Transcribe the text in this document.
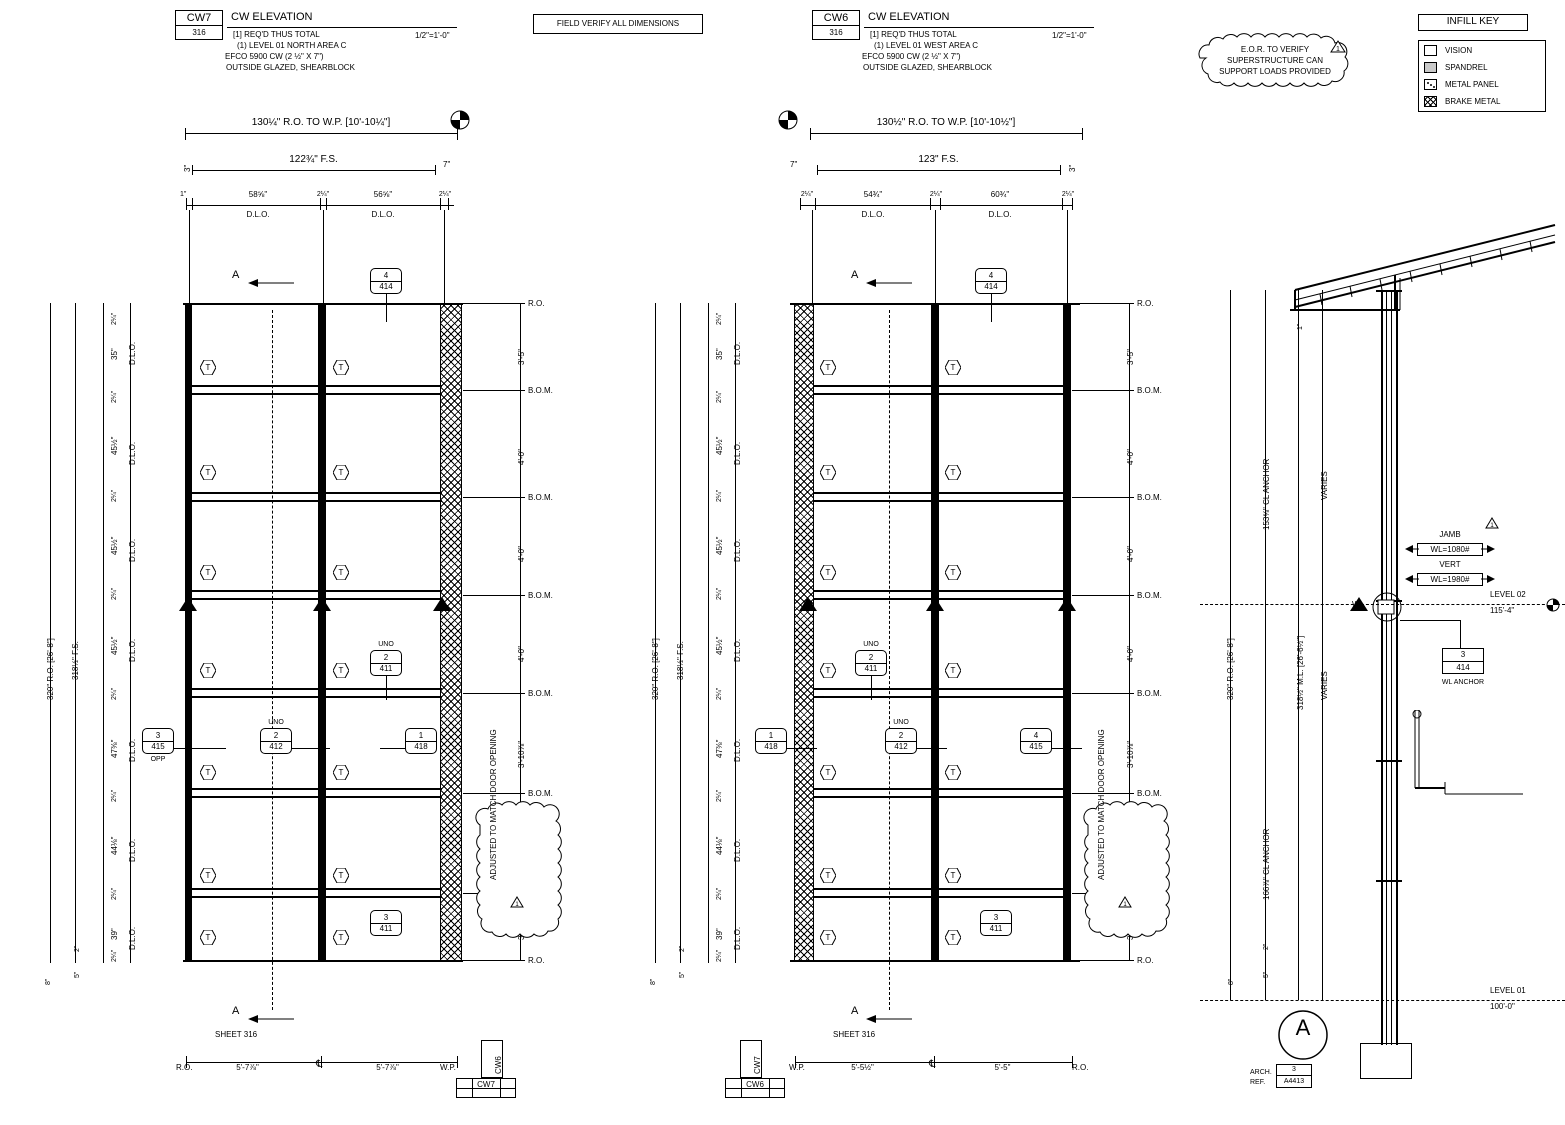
CW7
316
CW ELEVATION
[1] REQ'D THUS TOTAL
(1) LEVEL 01 NORTH AREA C
EFCO 5900 CW (2 ½" X 7")
OUTSIDE GLAZED, SHEARBLOCK
1/2"=1'-0"
FIELD VERIFY ALL DIMENSIONS	CW6
316
CW ELEVATION
[1] REQ'D THUS TOTAL
(1) LEVEL 01 WEST AREA C
EFCO 5900 CW (2 ½" X 7")
OUTSIDE GLAZED, SHEARBLOCK
1/2"=1'-0"
E.O.R. TO VERIFY
SUPERSTRUCTURE CAN
SUPPORT LOADS PROVIDED
1
INFILL KEY
VISION
SPANDREL
METAL PANEL
BRAKE METAL
130¼" R.O. TO W.P. [10'-10¼"]
122¾" F.S.
3"	7"
1"	58⅝"	2¼"	56⅝"	2¼"
D.L.O.	D.L.O.
T	T
T	T
T	T
T	T
T	T
T	T
T	T
A
A
SHEET 316
4
414
UNO
2
411
3
415
OPP
UNO
2
412
1
418
3
411
320" R.O. [26'-8"] 318½" F.S.
2¼"
35" D.L.O.
2¼"
45½" D.L.O.
2¼"
45½" D.L.O.
2¼"
45½" D.L.O.
2¼"
47⅜" D.L.O.
2¼"
44⅛" D.L.O.
2¼"
39" D.L.O.
2¼"
2"
5"
8"
R.O.
B.O.M.
B.O.M.
B.O.M.
B.O.M.
B.O.M.
R.O.
3'-5"
4'-0"
4'-0"
4'-0"
3'-10⅞"
ADJUSTED TO MATCH DOOR OPENING
1
5'-7⅞"	5'-7⅞"
R.O.	℄	W.P.	CW6
CW7
130½" R.O. TO W.P. [10'-10½"]
123" F.S.
7"	3"
2¼"	54¾"	2¼"	60¾"	2¼"
D.L.O.	D.L.O.
T	T
T	T
T	T
T	T
T	T
T	T
T	T
A
A
SHEET 316
4
414
UNO
2
411
1
418
UNO
2
412
4
415
3
411
320" R.O. [26'-8"] 318½" F.S.
2¼"
35" D.L.O.
2¼"
45½" D.L.O.
2¼"
45½" D.L.O.
2¼"
45½" D.L.O.
2¼"
47⅜" D.L.O.
2¼"
44⅛" D.L.O.
2¼"
39" D.L.O.
2¼"
2"
5"
8"
R.O.
B.O.M.
B.O.M.
B.O.M.
B.O.M.
B.O.M.
R.O.
3'-5"
4'-0"
4'-0"
4'-0"
3'-10⅞"
ADJUSTED TO MATCH DOOR OPENING
1
5'-5½"	5'-5"
W.P.	℄	R.O.
CW7
CW6
3
414
WL ANCHOR
WL
LEVEL 02
115'-4"
LEVEL 01
100'-0"
320" R.O. [26'-8"]	318½" M.L. [26'-6½"]
153⅝" CL ANCHOR
166⅞" CL ANCHOR
VARIES
VARIES
1"
2"
5"
8"
JAMB
WL=1080#
1
VERT
WL=1980#
A
ARCH.
REF.
3
A4413
